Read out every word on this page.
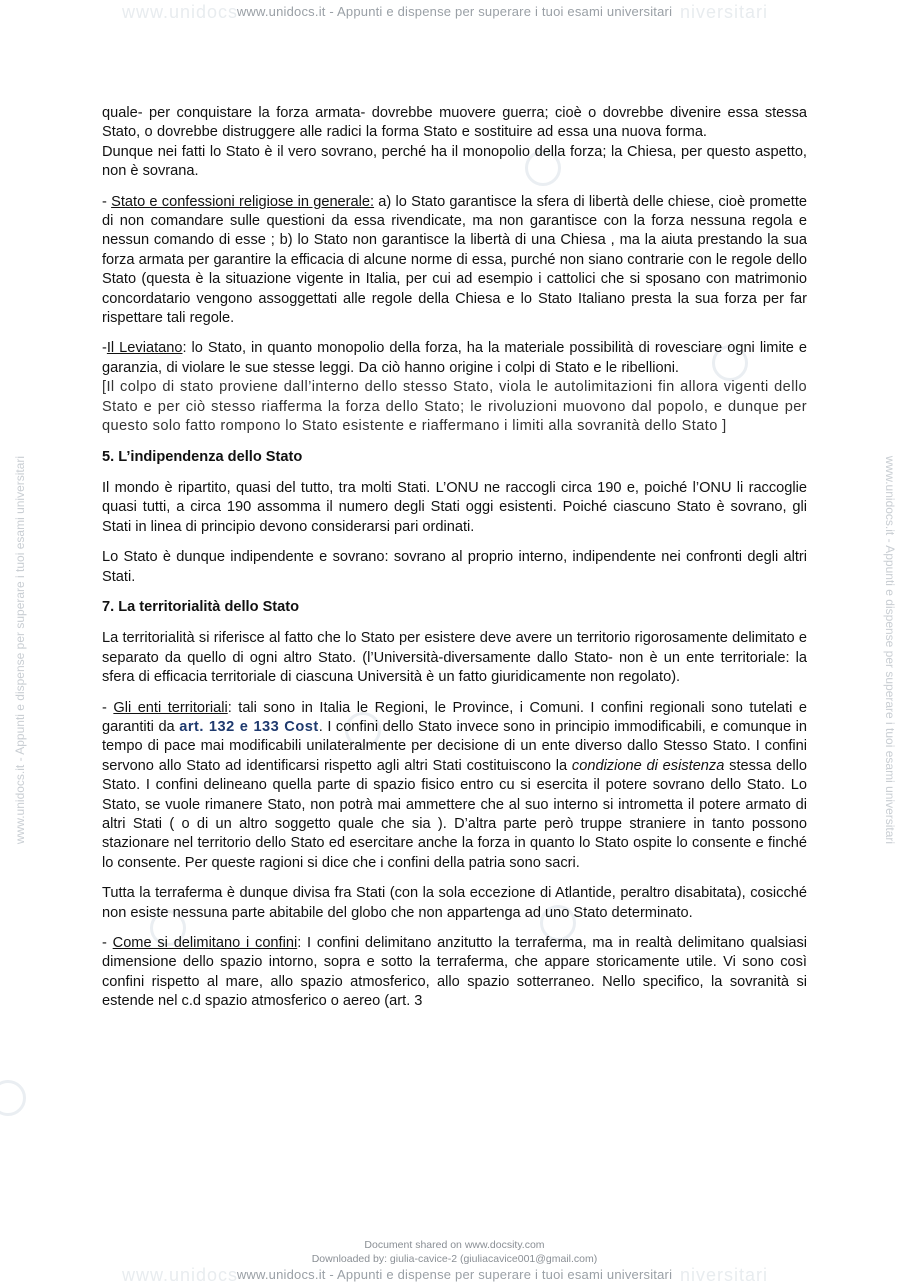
www.unidocs	niversitari
www.unidocs.it - Appunti e dispense per superare i tuoi esami universitari
www.unidocs.it - Appunti e dispense per superare i tuoi esami universitari	www.unidocs.it - Appunti e dispense per superare i tuoi esami universitari

quale- per conquistare la forza armata- dovrebbe muovere guerra; cioè o dovrebbe divenire essa stessa Stato, o dovrebbe distruggere alle radici la forma Stato e sostituire ad essa una nuova forma. Dunque nei fatti lo Stato è il vero sovrano, perché ha il monopolio della forza; la Chiesa, per questo aspetto, non è sovrana.

- Stato e confessioni religiose in generale: a) lo Stato garantisce la sfera di libertà delle chiese, cioè promette di non comandare sulle questioni da essa rivendicate, ma non garantisce con la forza nessuna regola e nessun comando di esse ; b) lo Stato non garantisce la libertà di una Chiesa , ma la aiuta prestando la sua forza armata per garantire la efficacia di alcune norme di essa, purché non siano contrarie con le regole dello Stato (questa è la situazione vigente in Italia, per cui ad esempio i cattolici che si sposano con matrimonio concordatario vengono assoggettati alle regole della Chiesa e lo Stato Italiano presta la sua forza per far rispettare tali regole.

-Il Leviatano: lo Stato, in quanto monopolio della forza, ha la materiale possibilità di rovesciare ogni limite e garanzia, di violare le sue stesse leggi. Da ciò hanno origine i colpi di Stato e le ribellioni.[Il colpo di stato proviene dall’interno dello stesso Stato, viola le autolimitazioni fin allora vigenti dello Stato e per ciò stesso riafferma la forza dello Stato; le rivoluzioni muovono dal popolo, e dunque per questo solo fatto rompono lo Stato esistente e riaffermano i limiti alla sovranità dello Stato ]

5. L’indipendenza dello Stato

Il mondo è ripartito, quasi del tutto, tra molti Stati. L’ONU ne raccogli circa 190 e, poiché l’ONU li raccoglie quasi tutti, a circa 190 assomma il numero degli Stati oggi esistenti. Poiché ciascuno Stato è sovrano, gli Stati in linea di principio devono considerarsi pari ordinati.

Lo Stato è dunque indipendente e sovrano: sovrano al proprio interno, indipendente nei confronti degli altri Stati.

7. La territorialità dello Stato

La territorialità si riferisce al fatto che lo Stato per esistere deve avere un territorio rigorosamente delimitato e separato da quello di ogni altro Stato. (l’Università-diversamente dallo Stato- non è un ente territoriale: la sfera di efficacia territoriale di ciascuna Università è un fatto giuridicamente non regolato).

- Gli enti territoriali: tali sono in Italia le Regioni, le Province, i Comuni. I confini regionali sono tutelati e garantiti da art. 132 e 133 Cost. I confini dello Stato invece sono in principio immodificabili, e comunque in tempo di pace mai modificabili unilateralmente per decisione di un ente diverso dallo Stesso Stato. I confini servono allo Stato ad identificarsi rispetto agli altri Stati costituiscono la condizione di esistenza stessa dello Stato. I confini delineano quella parte di spazio fisico entro cu si esercita il potere sovrano dello Stato. Lo Stato, se vuole rimanere Stato, non potrà mai ammettere che al suo interno si intrometta il potere armato di altri Stati ( o di un altro soggetto quale che sia ). D’altra parte però truppe straniere in tanto possono stazionare nel territorio dello Stato ed esercitare anche la forza in quanto lo Stato ospite lo consente e finché lo consente. Per queste ragioni si dice che i confini della patria sono sacri.

Tutta la terraferma è dunque divisa fra Stati (con la sola eccezione di Atlantide, peraltro disabitata), cosicché non esiste nessuna parte abitabile del globo che non appartenga ad uno Stato determinato.

- Come si delimitano i confini: I confini delimitano anzitutto la terraferma, ma in realtà delimitano qualsiasi dimensione dello spazio intorno, sopra e sotto la terraferma, che appare storicamente utile. Vi sono così confini rispetto al mare, allo spazio atmosferico, allo spazio sotterraneo. Nello specifico, la sovranità si estende nel c.d spazio atmosferico o aereo (art. 3

Document shared on www.docsity.com
Downloaded by: giulia-cavice-2 (giuliacavice001@gmail.com)
www.unidocs	niversitari
www.unidocs.it - Appunti e dispense per superare i tuoi esami universitari
